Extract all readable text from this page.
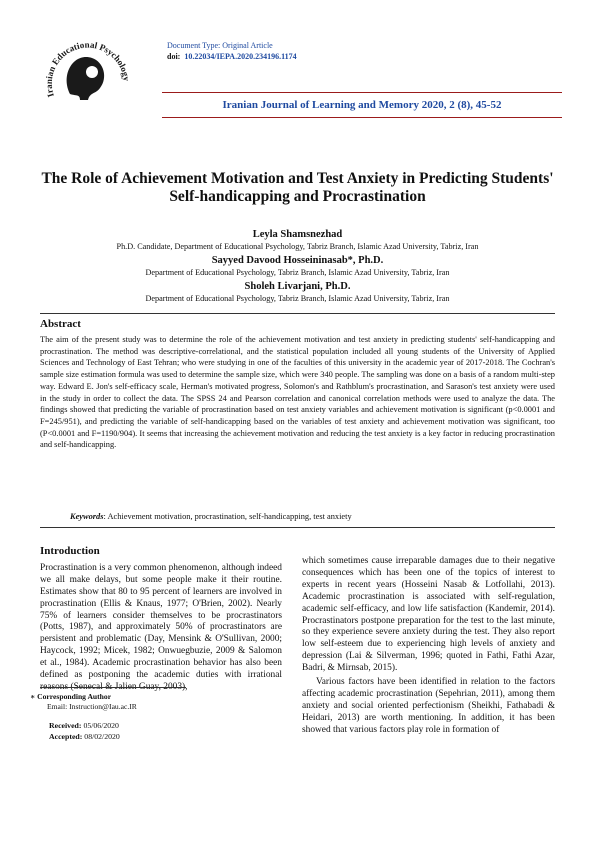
Iranian Educational Psychology
Document Type: Original Article
doi: 10.22034/IEPA.2020.234196.1174
Iranian Journal of Learning and Memory 2020, 2 (8), 45-52
The Role of Achievement Motivation and Test Anxiety in Predicting Students' Self-handicapping and Procrastination
Leyla Shamsnezhad
Ph.D. Candidate, Department of Educational Psychology, Tabriz Branch, Islamic Azad University, Tabriz, Iran
Sayyed Davood Hosseininasab*, Ph.D.
Department of Educational Psychology, Tabriz Branch, Islamic Azad University, Tabriz, Iran
Sholeh Livarjani, Ph.D.
Department of Educational Psychology, Tabriz Branch, Islamic Azad University, Tabriz, Iran
Abstract
The aim of the present study was to determine the role of the achievement motivation and test anxiety in predicting students' self-handicapping and procrastination. The method was descriptive-correlational, and the statistical population included all young students of the University of Applied Sciences and Technology of East Tehran; who were studying in one of the faculties of this university in the academic year of 2017-2018. The Cochran's sample size estimation formula was used to determine the sample size, which were 340 people. The sampling was done on a basis of a random multi-step way. Edward E. Jon's self-efficacy scale, Herman's motivated progress, Solomon's and Rathblum's procrastination, and Sarason's test anxiety were used in the study in order to collect the data. The SPSS 24 and Pearson correlation and canonical correlation methods were used to analyze the data. The findings showed that predicting the variable of procrastination based on test anxiety variables and achievement motivation is significant (p<0.0001 and F=245/951), and predicting the variable of self-handicapping based on the variables of test anxiety and achievement motivation was significant, too (P<0.0001 and F=1190/904). It seems that increasing the achievement motivation and reducing the test anxiety is a key factor in reducing procrastination and self-handicapping.
Keywords: Achievement motivation, procrastination, self-handicapping, test anxiety
Introduction

Procrastination is a very common phenomenon, although indeed we all make delays, but some people make it their routine. Estimates show that 80 to 95 percent of learners are involved in procrastination (Ellis & Knaus, 1977; O'Brien, 2002). Nearly 75% of learners consider themselves to be procrastinators (Potts, 1987), and approximately 50% of procrastinators are persistent and problematic (Day, Mensink & O'Sullivan, 2000; Haycock, 1992; Micek, 1982; Onwuegbuzie, 2009 & Salomon et al., 1984). Academic procrastination behavior has also been defined as postponing the academic duties with irrational reasons (Senecal & Jalien Guay, 2003),

which sometimes cause irreparable damages due to their negative consequences which has been one of the topics of interest to experts in recent years (Hosseini Nasab & Lotfollahi, 2013). Academic procrastination is associated with self-regulation, academic self-efficacy, and low life satisfaction (Kandemir, 2014). Procrastinators postpone preparation for the test to the last minute, so they experience severe anxiety during the test. They also report low self-esteem due to experiencing high levels of anxiety and depression (Lai & Silverman, 1996; quoted in Fathi, Fathi Azar, Badri, & Mirnsab, 2015).

Various factors have been identified in relation to the factors affecting academic procrastination (Sepehrian, 2011), among them anxiety and social oriented perfectionism (Sheikhi, Fathabadi & Heidari, 2013) are worth mentioning. In addition, it has been showed that various factors play role in formation of

∗ Corresponding Author
Email: Instruction@Iau.ac.IR
Received: 05/06/2020
Accepted: 08/02/2020
